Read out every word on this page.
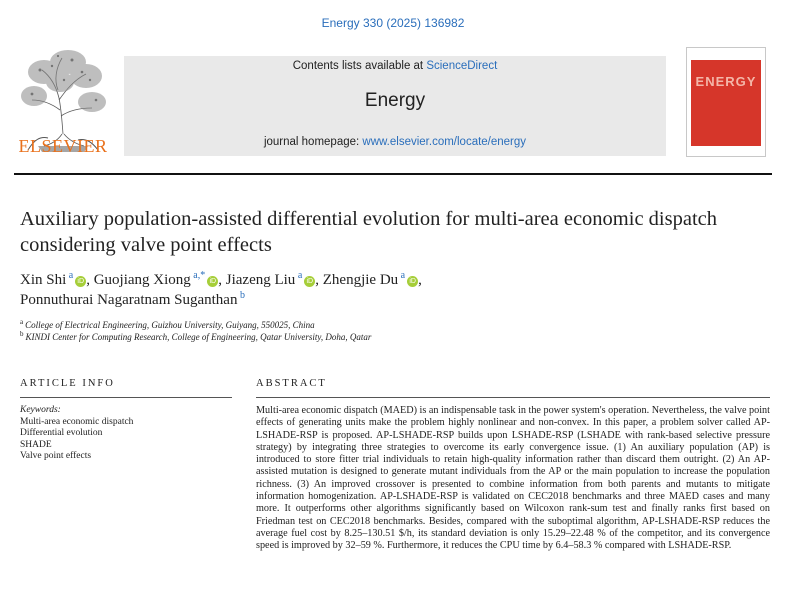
Energy 330 (2025) 136982
ELSEVIER
Contents lists available at ScienceDirect
Energy
journal homepage: www.elsevier.com/locate/energy
ENERGY
Auxiliary population-assisted differential evolution for multi-area economic dispatch considering valve point effects
Xin Shi $^a$iD , Guojiang Xiong $^{a,*}$iD , Jiazeng Liu $^a$iD , Zhengjie Du $^a$iD ,
Ponnuthurai Nagaratnam Suganthan $^b$
$^a$ College of Electrical Engineering, Guizhou University, Guiyang, 550025, China
$^b$ KINDI Center for Computing Research, College of Engineering, Qatar University, Doha, Qatar
ARTICLE INFO	ABSTRACT
Keywords:
Multi-area economic dispatch
Differential evolution
SHADE
Valve point effects
Multi-area economic dispatch (MAED) is an indispensable task in the power system's operation. Nevertheless, the valve point effects of generating units make the problem highly nonlinear and non-convex. In this paper, a problem solver called AP-LSHADE-RSP is proposed. AP-LSHADE-RSP builds upon LSHADE-RSP (LSHADE with rank-based selective pressure strategy) by integrating three strategies to overcome its early convergence issue. (1) An auxiliary population (AP) is introduced to store fitter trial individuals to retain high-quality information rather than discard them outright. (2) An AP-assisted mutation is designed to generate mutant individuals from the AP or the main population to increase the population richness. (3) An improved crossover is presented to combine information from both parents and mutants to mitigate information homogenization. AP-LSHADE-RSP is validated on CEC2018 benchmarks and three MAED cases and many more. It outperforms other algorithms significantly based on Wilcoxon rank-sum test and finally ranks first based on Friedman test on CEC2018 benchmarks. Besides, compared with the suboptimal algorithm, AP-LSHADE-RSP reduces the average fuel cost by 8.25–130.51 $/h, its standard deviation is only 15.29–22.48 % of the competitor, and its convergence speed is improved by 32–59 %. Furthermore, it reduces the CPU time by 6.4–58.3 % compared with LSHADE-RSP.
